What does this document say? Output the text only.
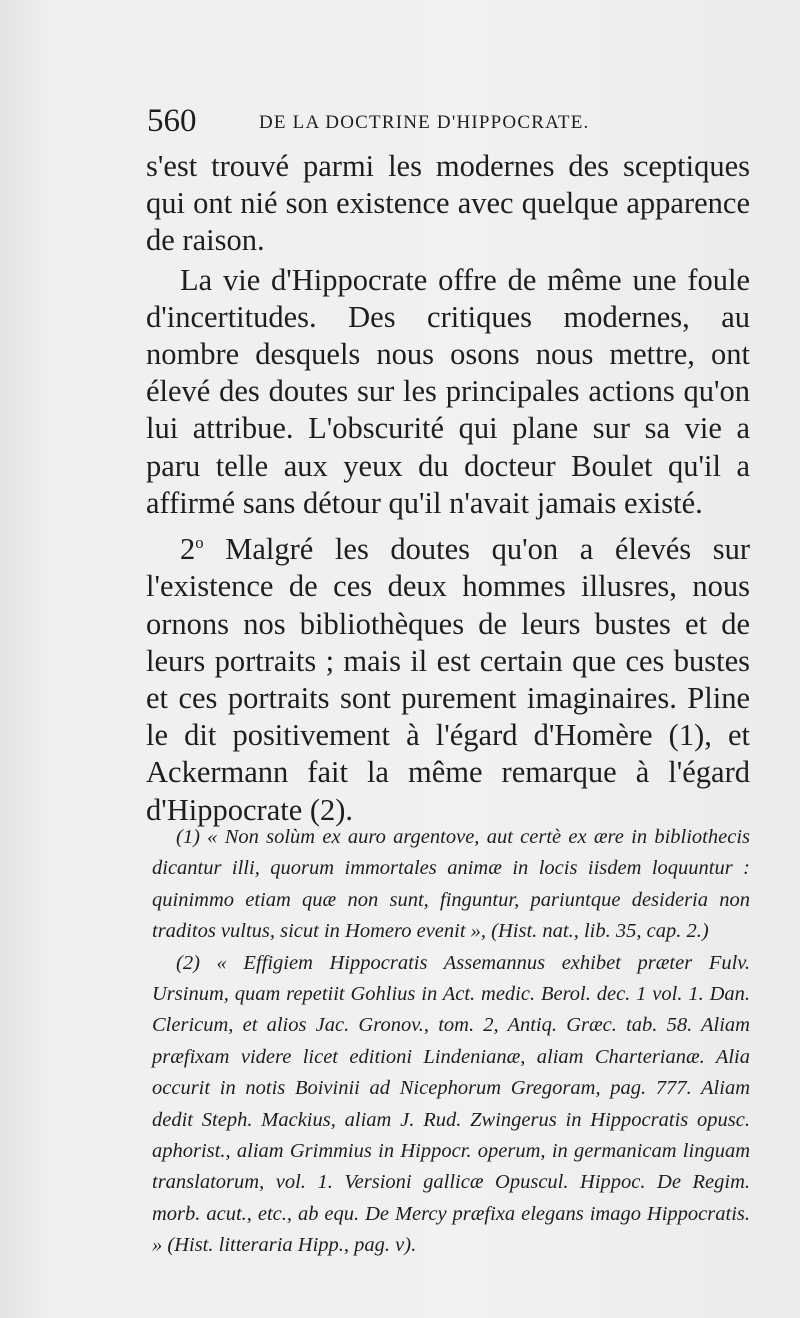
560	DE LA DOCTRINE D'HIPPOCRATE.

s'est trouvé parmi les modernes des sceptiques qui ont nié son existence avec quelque apparence de raison.

La vie d'Hippocrate offre de même une foule d'incertitudes. Des critiques modernes, au nombre desquels nous osons nous mettre, ont élevé des doutes sur les principales actions qu'on lui attribue. L'obscurité qui plane sur sa vie a paru telle aux yeux du docteur Boulet qu'il a affirmé sans détour qu'il n'avait jamais existé.

2$^o$ Malgré les doutes qu'on a élevés sur l'existence de ces deux hommes illusres, nous ornons nos bibliothèques de leurs bustes et de leurs portraits ; mais il est certain que ces bustes et ces portraits sont purement imaginaires. Pline le dit positivement à l'égard d'Homère (1), et Ackermann fait la même remarque à l'égard d'Hippocrate (2).

(1) « Non solùm ex auro argentove, aut certè ex ære in bibliothecis dicantur illi, quorum immortales animæ in locis iisdem loquuntur : quinimmo etiam quæ non sunt, finguntur, pariuntque desideria non traditos vultus, sicut in Homero evenit », (Hist. nat., lib. 35, cap. 2.)

(2) « Effigiem Hippocratis Assemannus exhibet præter Fulv. Ursinum, quam repetiit Gohlius in Act. medic. Berol. dec. 1 vol. 1. Dan. Clericum, et alios Jac. Gronov., tom. 2, Antiq. Græc. tab. 58. Aliam præfixam videre licet editioni Lindenianæ, aliam Charterianæ. Alia occurit in notis Boivinii ad Nicephorum Gregoram, pag. 777. Aliam dedit Steph. Mackius, aliam J. Rud. Zwingerus in Hippocratis opusc. aphorist., aliam Grimmius in Hippocr. operum, in germanicam linguam translatorum, vol. 1. Versioni gallicæ Opuscul. Hippoc. De Regim. morb. acut., etc., ab equ. De Mercy præfixa elegans imago Hippocratis. » (Hist. litteraria Hipp., pag. v).
